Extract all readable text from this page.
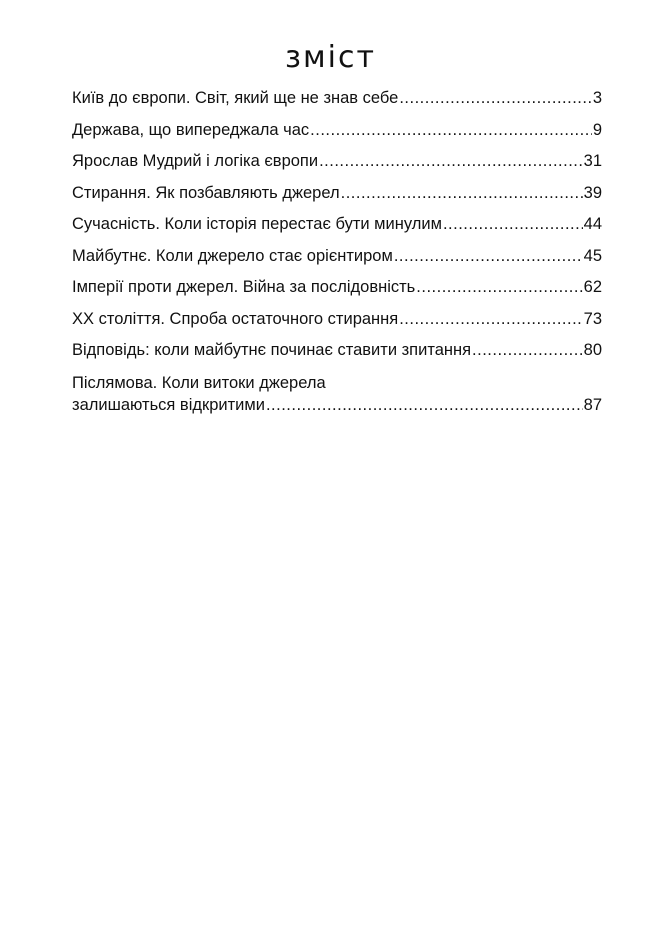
зміст
Київ до європи. Світ, який ще не знав себе .....	3
Держава, що випереджала час .....	9
Ярослав Мудрий і логіка європи .....	31
Стирання. Як позбавляють джерел .....	39
Сучасність. Коли історія перестає бути минулим .....	44
Майбутнє. Коли джерело стає орієнтиром .....	45
Імперії проти джерел. Війна за послідовність .....	62
XX століття. Спроба остаточного стирання .....	73
Відповідь: коли майбутнє починає ставити зпитання .....	80
Післямова. Коли витоки джерела
залишаються відкритими .....	87
